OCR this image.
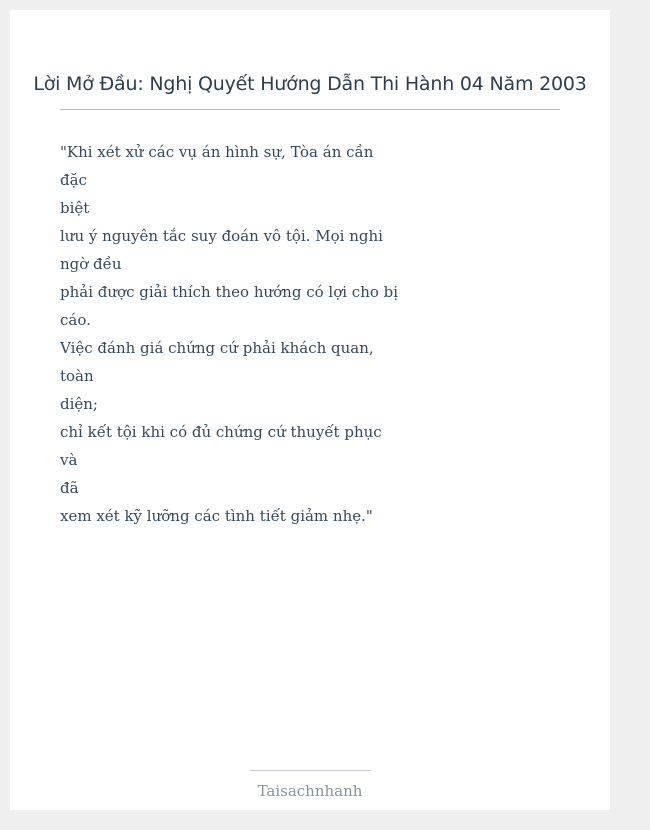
Lời Mở Đầu: Nghị Quyết Hướng Dẫn Thi Hành 04 Năm 2003

"Khi xét xử các vụ án hình sự, Tòa án cần đặc
biệt
lưu ý nguyên tắc suy đoán vô tội. Mọi nghi
ngờ đều
phải được giải thích theo hướng có lợi cho bị
cáo.
Việc đánh giá chứng cứ phải khách quan, toàn
diện;
chỉ kết tội khi có đủ chứng cứ thuyết phục và
đã
xem xét kỹ lưỡng các tình tiết giảm nhẹ."

Taisachnhanh
